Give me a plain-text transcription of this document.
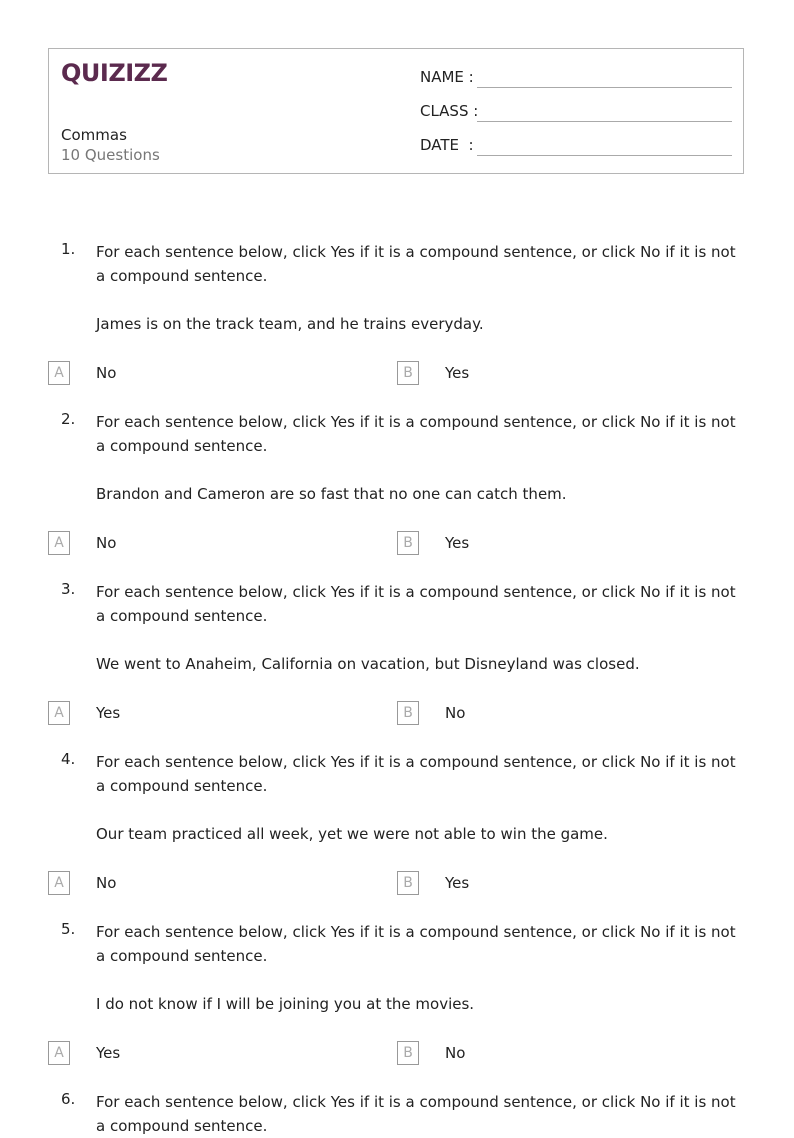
QUIZIZZ
Commas
10 Questions
NAME :
CLASS :
DATE  :
1. For each sentence below, click Yes if it is a compound sentence, or click No if it is not a compound sentence.
James is on the track team, and he trains everyday.
A	No	B	Yes
2. For each sentence below, click Yes if it is a compound sentence, or click No if it is not a compound sentence.
Brandon and Cameron are so fast that no one can catch them.
A	No	B	Yes
3. For each sentence below, click Yes if it is a compound sentence, or click No if it is not a compound sentence.
We went to Anaheim, California on vacation, but Disneyland was closed.
A	Yes	B	No
4. For each sentence below, click Yes if it is a compound sentence, or click No if it is not a compound sentence.
Our team practiced all week, yet we were not able to win the game.
A	No	B	Yes
5. For each sentence below, click Yes if it is a compound sentence, or click No if it is not a compound sentence.
I do not know if I will be joining you at the movies.
A	Yes	B	No
6. For each sentence below, click Yes if it is a compound sentence, or click No if it is not a compound sentence.
